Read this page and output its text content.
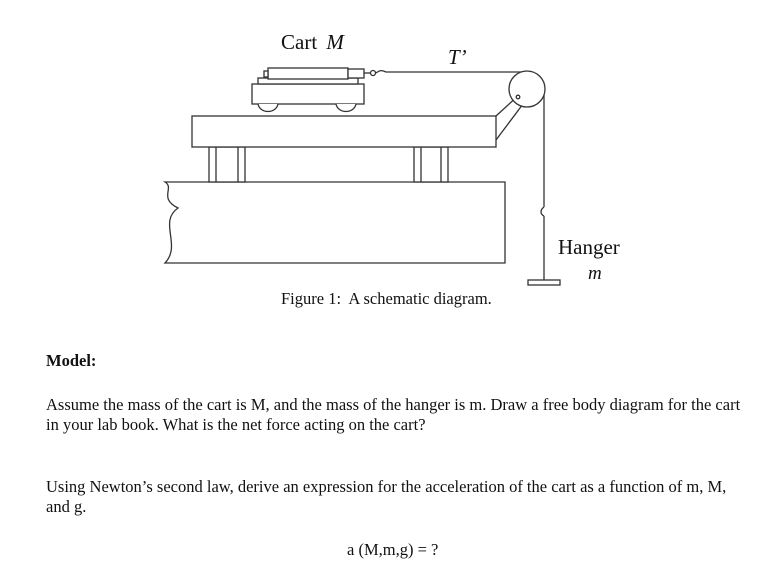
Cart M
T’
Hanger
m
Figure 1:  A schematic diagram.

Model:

Assume the mass of the cart is M, and the mass of the hanger is m. Draw a free body diagram for the cart in your lab book. What is the net force acting on the cart?

Using Newton’s second law, derive an expression for the acceleration of the cart as a function of m, M, and g.

a (M,m,g) = ?
